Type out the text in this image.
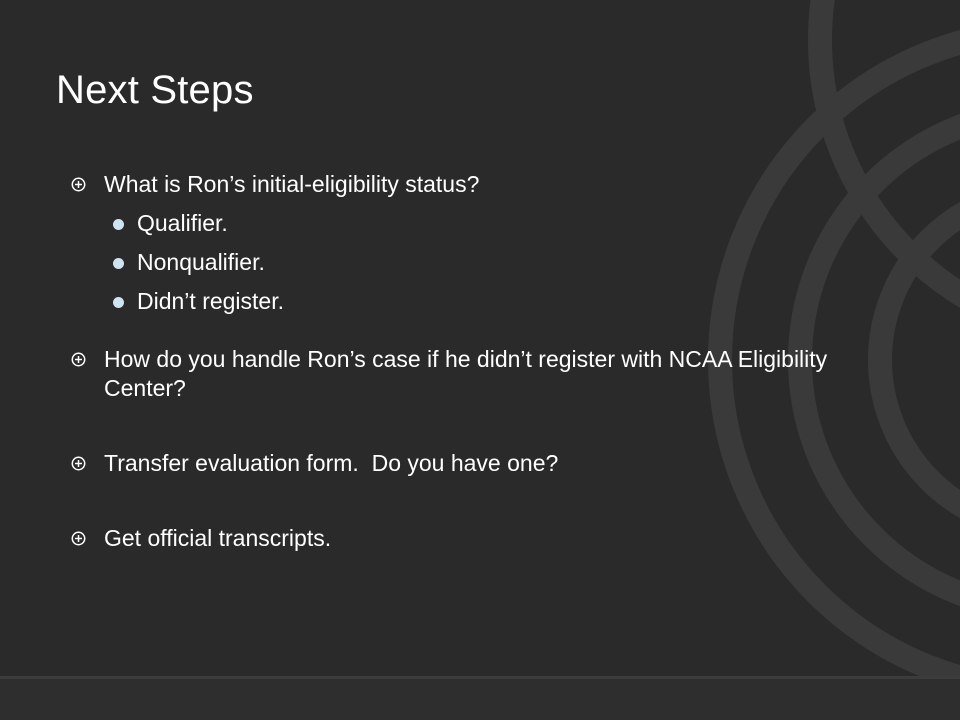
Next Steps

What is Ron’s initial-eligibility status?

Qualifier.

Nonqualifier.

Didn’t register.

How do you handle Ron’s case if he didn’t register with NCAA Eligibility Center?

Transfer evaluation form.  Do you have one?

Get official transcripts.
